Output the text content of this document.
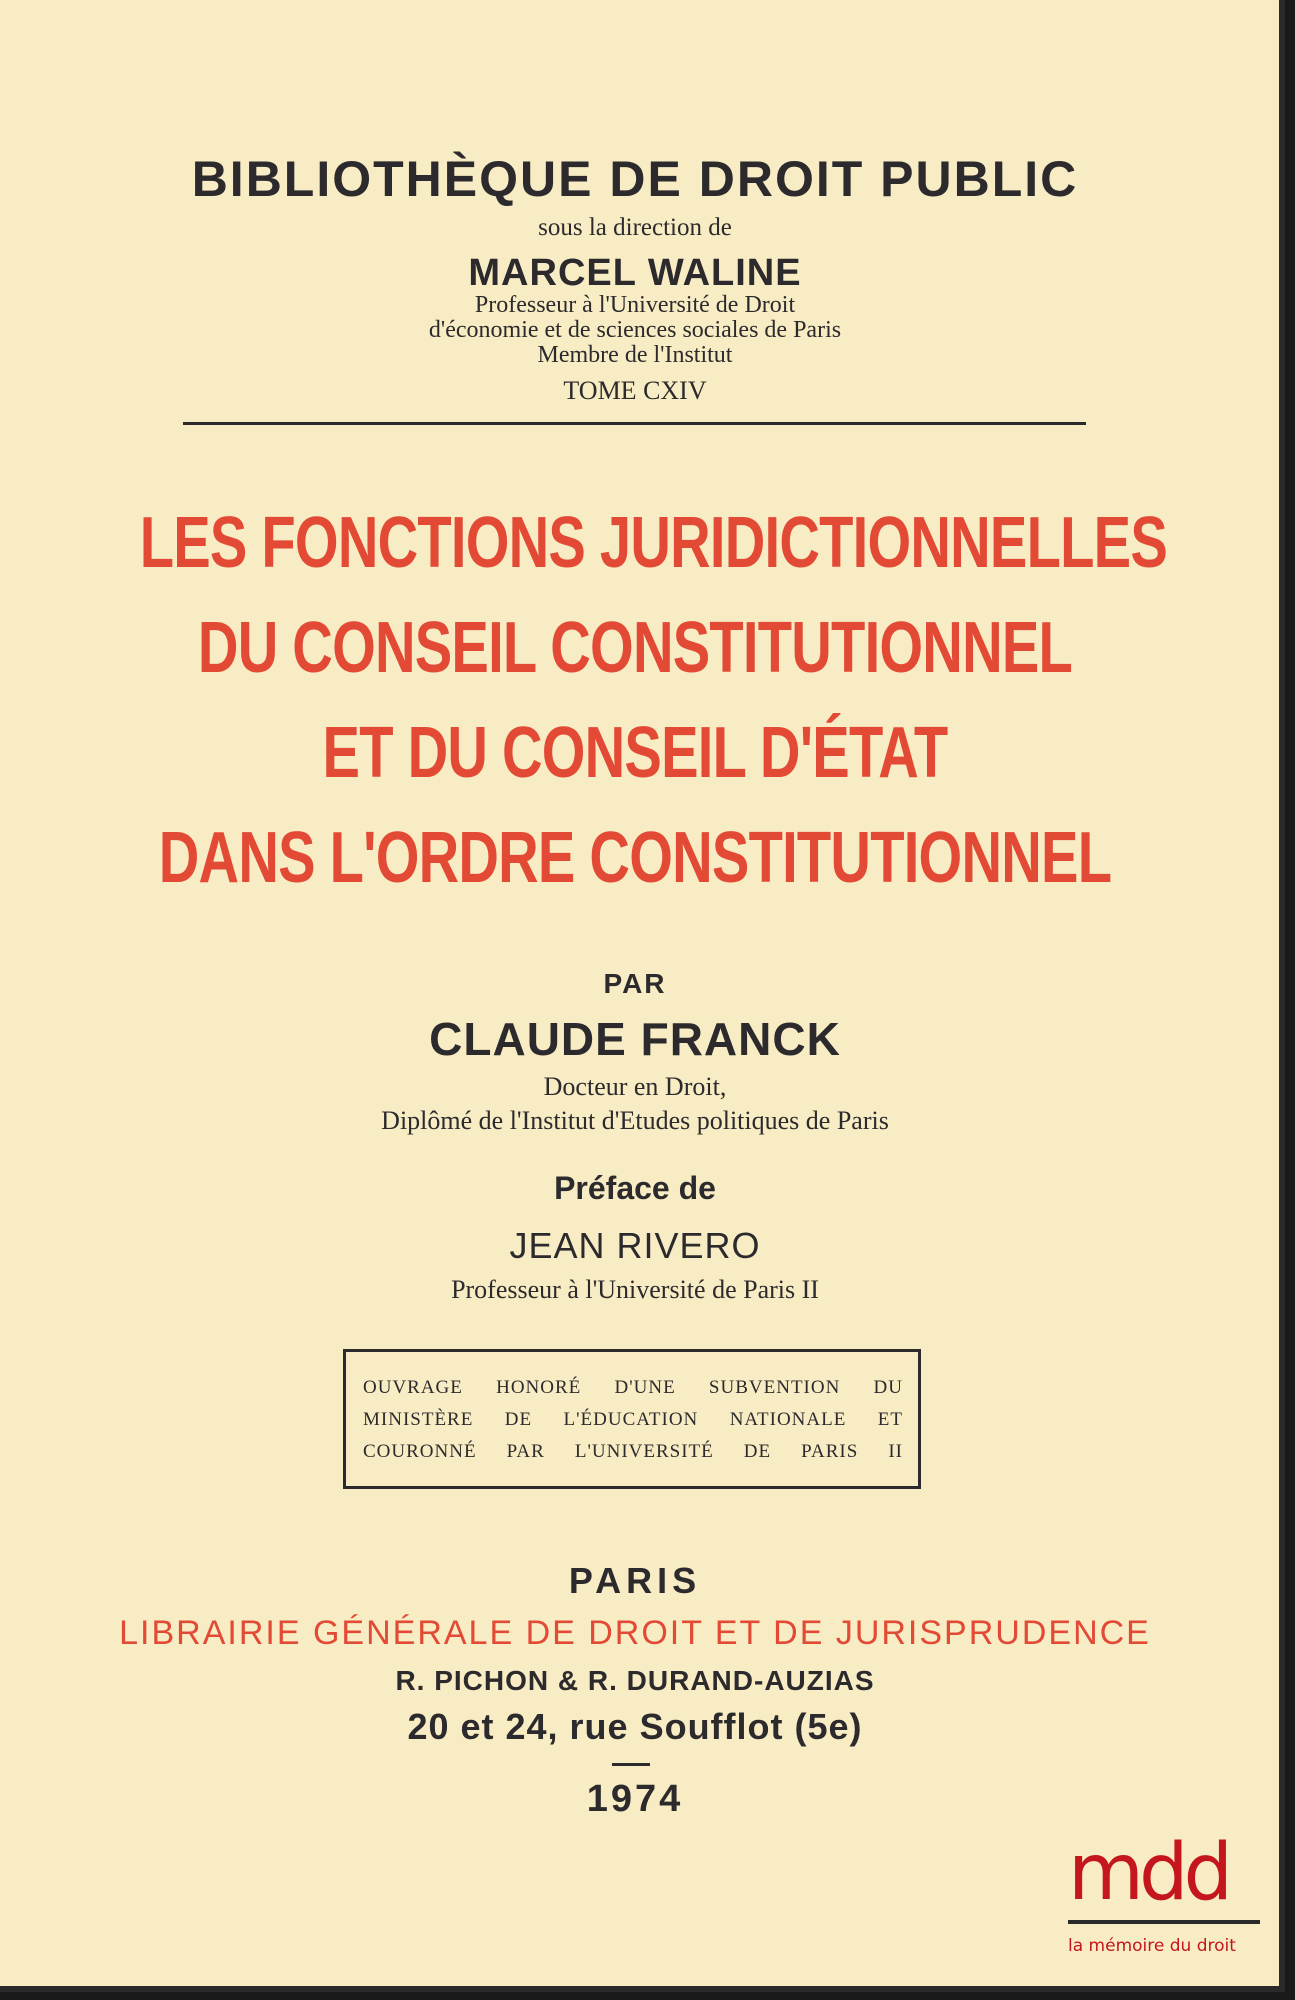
BIBLIOTHÈQUE DE DROIT PUBLIC
sous la direction de
MARCEL WALINE
Professeur à l'Université de Droit
d'économie et de sciences sociales de Paris
Membre de l'Institut
TOME CXIV
LES FONCTIONS JURIDICTIONNELLES
DU CONSEIL CONSTITUTIONNEL
ET DU CONSEIL D'ÉTAT
DANS L'ORDRE CONSTITUTIONNEL
PAR
CLAUDE FRANCK
Docteur en Droit,
Diplômé de l'Institut d'Etudes politiques de Paris
Préface de
JEAN RIVERO
Professeur à l'Université de Paris II
OUVRAGE HONORÉ D'UNE SUBVENTION DU
MINISTÈRE DE L'ÉDUCATION NATIONALE ET
COURONNÉ PAR L'UNIVERSITÉ DE PARIS II
PARIS
LIBRAIRIE GÉNÉRALE DE DROIT ET DE JURISPRUDENCE
R. PICHON & R. DURAND-AUZIAS
20 et 24, rue Soufflot (5e)
1974
mdd
la mémoire du droit
